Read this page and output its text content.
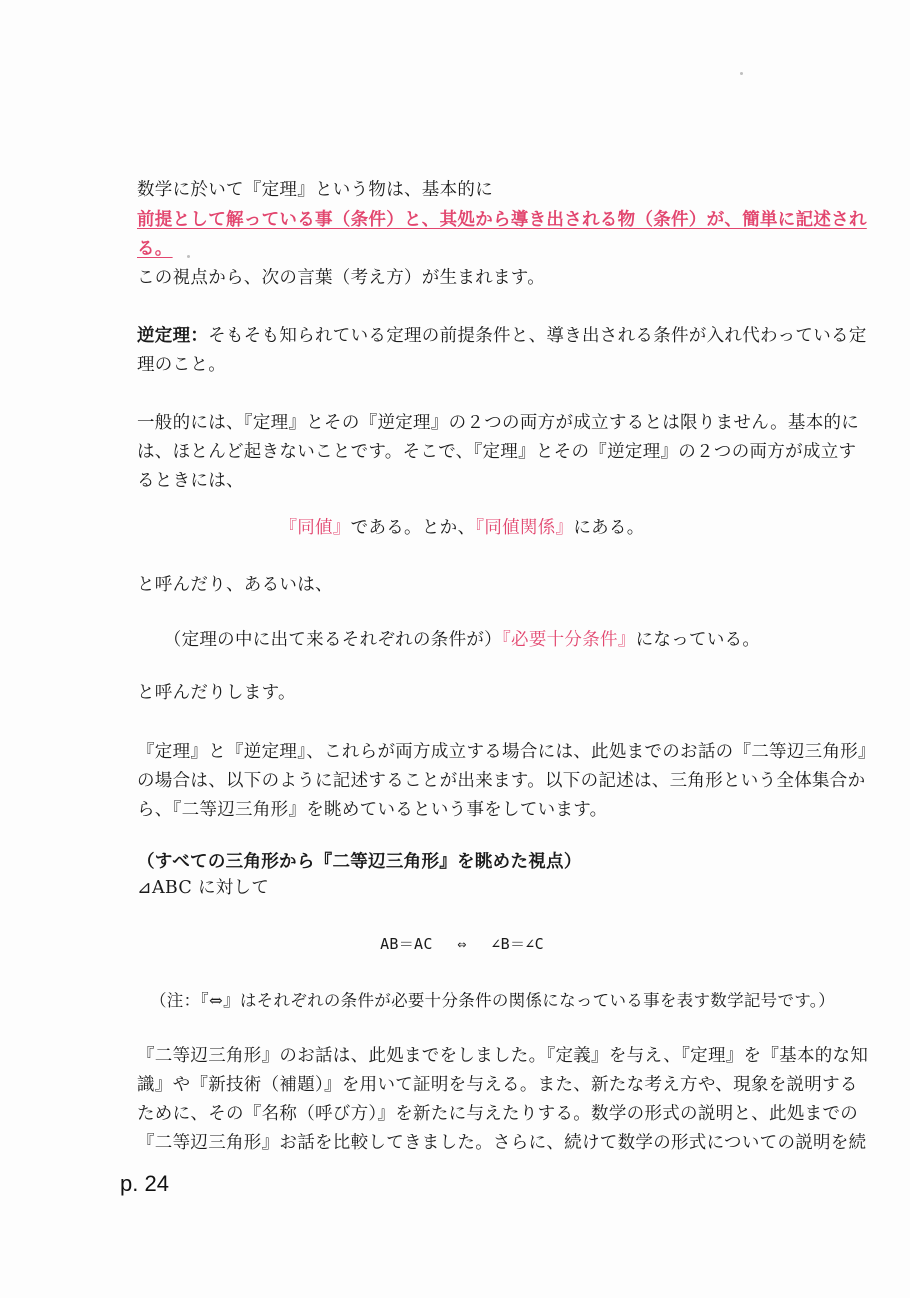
数学に於いて『定理』という物は、基本的に
前提として解っている事（条件）と、其処から導き出される物（条件）が、簡単に記述され
る。
この視点から、次の言葉（考え方）が生まれます。
逆定理：そもそも知られている定理の前提条件と、導き出される条件が入れ代わっている定
理のこと。
一般的には、『定理』とその『逆定理』の２つの両方が成立するとは限りません。基本的に
は、ほとんど起きないことです。そこで、『定理』とその『逆定理』の２つの両方が成立す
るときには、
『同値』である。とか、『同値関係』にある。
と呼んだり、あるいは、
（定理の中に出て来るそれぞれの条件が）『必要十分条件』になっている。
と呼んだりします。
『定理』と『逆定理』、これらが両方成立する場合には、此処までのお話の『二等辺三角形』
の場合は、以下のように記述することが出来ます。以下の記述は、三角形という全体集合か
ら、『二等辺三角形』を眺めているという事をしています。
（すべての三角形から『二等辺三角形』を眺めた視点）
⊿ABC に対して
AB＝AC　 ⇔　 ∠B＝∠C
（注：『⇔』はそれぞれの条件が必要十分条件の関係になっている事を表す数学記号です。）
『二等辺三角形』のお話は、此処までをしました。『定義』を与え、『定理』を『基本的な知
識』や『新技術（補題）』を用いて証明を与える。また、新たな考え方や、現象を説明する
ために、その『名称（呼び方）』を新たに与えたりする。数学の形式の説明と、此処までの
『二等辺三角形』お話を比較してきました。さらに、続けて数学の形式についての説明を続
p. 24
